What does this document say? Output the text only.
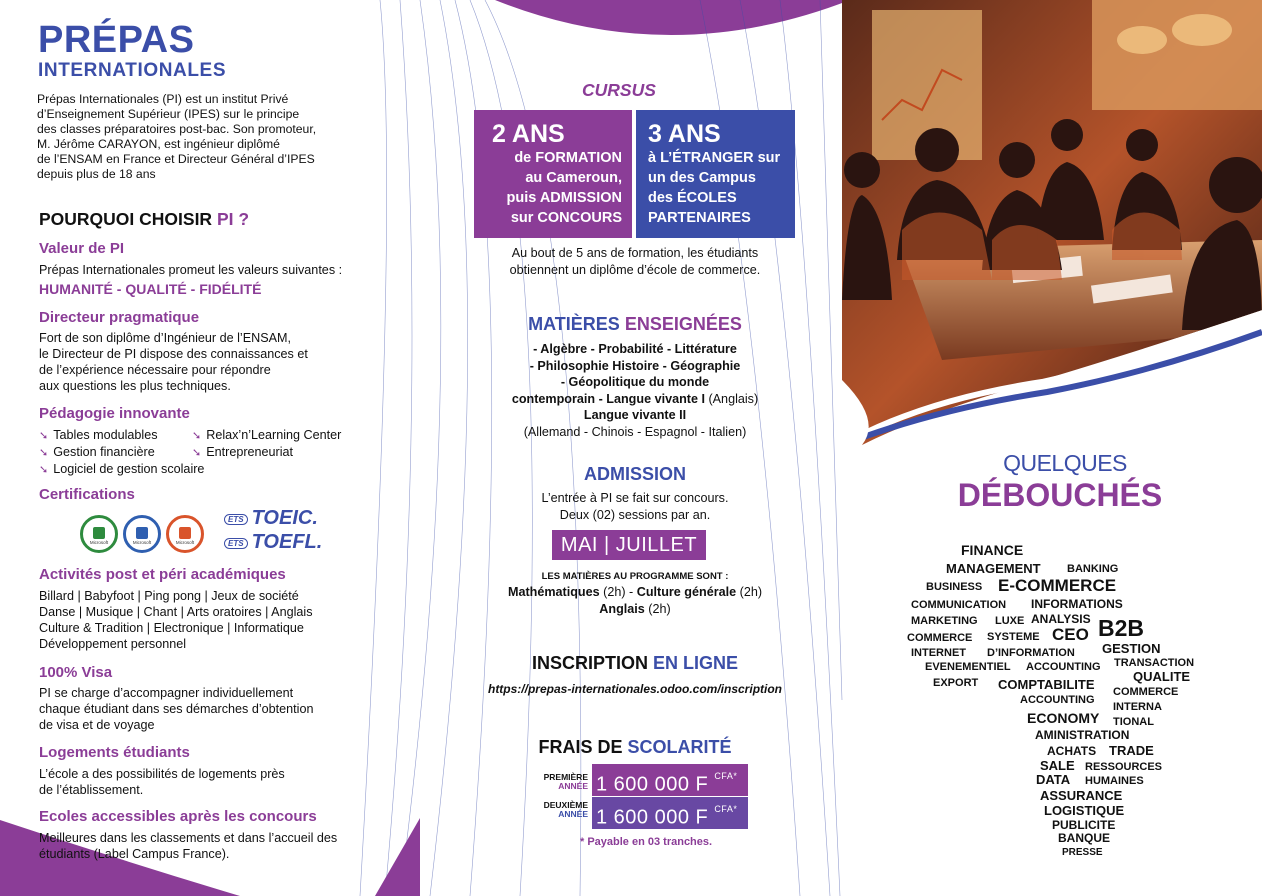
PRÉPAS
INTERNATIONALES
Prépas Internationales (PI) est un institut Privé
d’Enseignement Supérieur (IPES) sur le principe
des classes préparatoires post-bac. Son promoteur,
M. Jérôme CARAYON, est ingénieur diplômé
de l’ENSAM en France et Directeur Général d’IPES
depuis plus de 18 ans
POURQUOI CHOISIR PI ?
Valeur de PI
Prépas Internationales promeut les valeurs suivantes :
HUMANITÉ - QUALITÉ - FIDÉLITÉ
Directeur pragmatique
Fort de son diplôme d’Ingénieur de l’ENSAM,
le Directeur de PI dispose des connaissances et
de l’expérience nécessaire pour répondre
aux questions les plus techniques.
Pédagogie innovante
➘ Tables modulables
➘ Gestion financière
➘ Logiciel de gestion scolaire
➘ Relax’n’Learning Center
➘ Entrepreneuriat
Certifications
Microsoft	Microsoft	Microsoft
ETS TOEIC.
ETS TOEFL.
Activités post et péri académiques
Billard | Babyfoot | Ping pong | Jeux de société
Danse | Musique | Chant | Arts oratoires | Anglais
Culture & Tradition | Electronique | Informatique
Développement personnel
100% Visa
PI se charge d’accompagner individuellement
chaque étudiant dans ses démarches d’obtention
de visa et de voyage
Logements étudiants
L’école a des possibilités de logements près
de l’établissement.
Ecoles accessibles après les concours
Meilleures dans les classements et dans l’accueil des
étudiants (Label Campus France).
CURSUS
2 ANS
de FORMATION
au Cameroun,
puis ADMISSION
sur CONCOURS
3 ANS
à L’ÉTRANGER sur
un des Campus
des ÉCOLES
PARTENAIRES
Au bout de 5 ans de formation, les étudiants
obtiennent un diplôme d’école de commerce.
MATIÈRES ENSEIGNÉES
- Algèbre - Probabilité - Littérature
- Philosophie Histoire - Géographie
- Géopolitique du monde
contemporain - Langue vivante I (Anglais)
Langue vivante II
(Allemand - Chinois - Espagnol - Italien)
ADMISSION
L’entrée à PI se fait sur concours.
Deux (02) sessions par an.
MAI | JUILLET
LES MATIÈRES AU PROGRAMME SONT :
Mathématiques (2h) - Culture générale (2h)
Anglais (2h)
INSCRIPTION EN LIGNE
https://prepas-internationales.odoo.com/inscription
FRAIS DE SCOLARITÉ
PREMIÈRE
ANNÉE 1 600 000 F $^{CFA*}$
DEUXIÈME
ANNÉE 1 600 000 F $^{CFA*}$
* Payable en 03 tranches.
QUELQUES
DÉBOUCHÉS
FINANCE
MANAGEMENT BANKING
BUSINESS E-COMMERCE
COMMUNICATION INFORMATIONS
MARKETING LUXE ANALYSIS
COMMERCE SYSTEME CEO B2B
INTERNET D’INFORMATION GESTION
EVENEMENTIEL ACCOUNTING TRANSACTION
EXPORT COMPTABILITE
QUALITE
COMMERCE
ACCOUNTING
INTERNA
ECONOMY TIONAL
AMINISTRATION
ACHATS TRADE
SALE RESSOURCES
DATA HUMAINES
ASSURANCE
LOGISTIQUE
PUBLICITE
BANQUE
PRESSE
